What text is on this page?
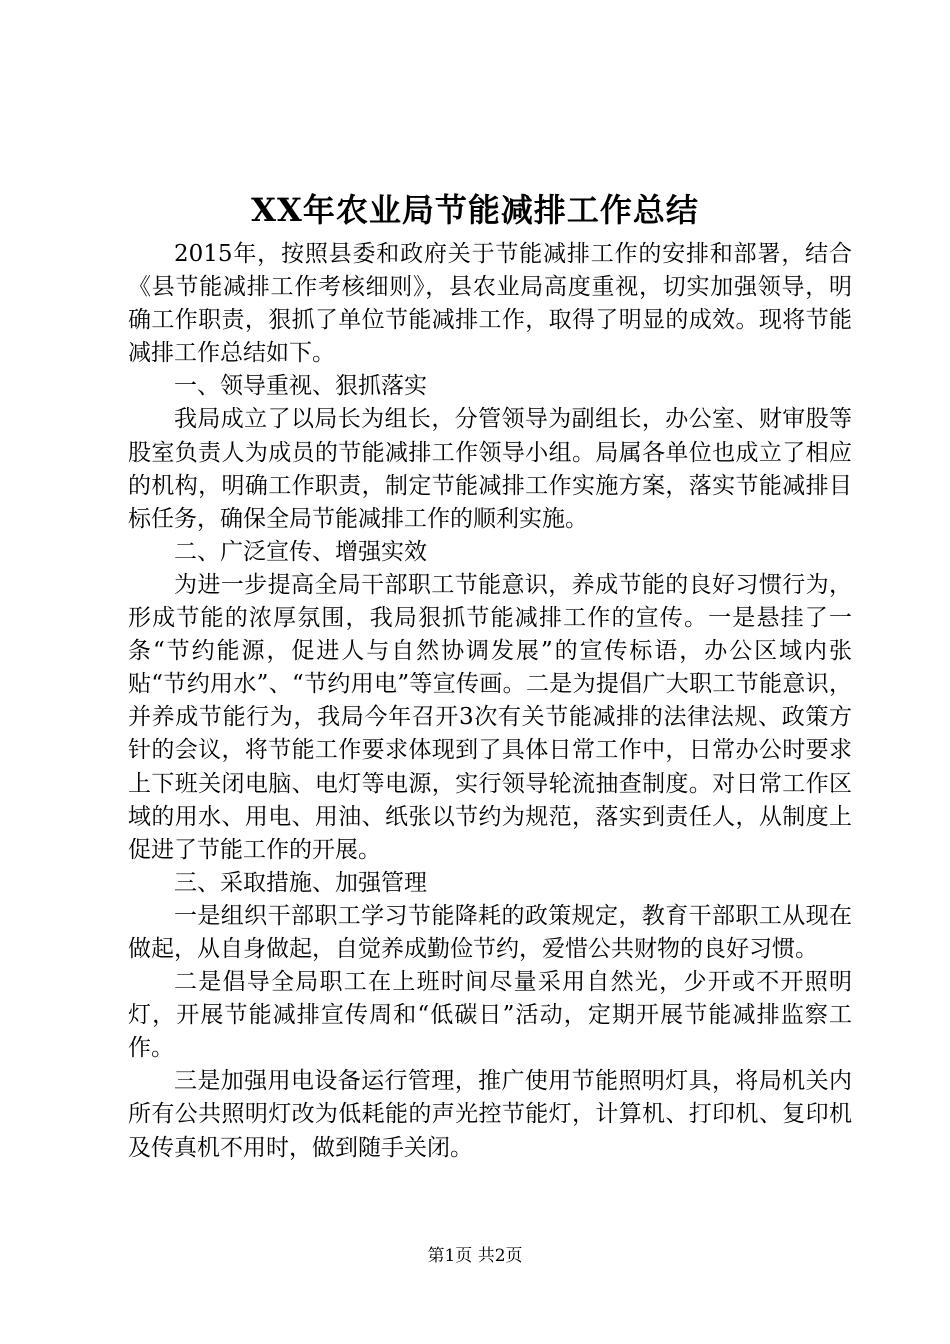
XX年农业局节能减排工作总结

2015年，按照县委和政府关于节能减排工作的安排和部署，结合《县节能减排工作考核细则》，县农业局高度重视，切实加强领导，明确工作职责，狠抓了单位节能减排工作，取得了明显的成效。现将节能减排工作总结如下。

一、领导重视、狠抓落实

我局成立了以局长为组长，分管领导为副组长，办公室、财审股等股室负责人为成员的节能减排工作领导小组。局属各单位也成立了相应的机构，明确工作职责，制定节能减排工作实施方案，落实节能减排目标任务，确保全局节能减排工作的顺利实施。

二、广泛宣传、增强实效

为进一步提高全局干部职工节能意识，养成节能的良好习惯行为，形成节能的浓厚氛围，我局狠抓节能减排工作的宣传。一是悬挂了一条“节约能源，促进人与自然协调发展”的宣传标语，办公区域内张贴“节约用水”、“节约用电”等宣传画。二是为提倡广大职工节能意识，并养成节能行为，我局今年召开3次有关节能减排的法律法规、政策方针的会议，将节能工作要求体现到了具体日常工作中，日常办公时要求上下班关闭电脑、电灯等电源，实行领导轮流抽查制度。对日常工作区域的用水、用电、用油、纸张以节约为规范，落实到责任人，从制度上促进了节能工作的开展。

三、采取措施、加强管理

一是组织干部职工学习节能降耗的政策规定，教育干部职工从现在做起，从自身做起，自觉养成勤俭节约，爱惜公共财物的良好习惯。

二是倡导全局职工在上班时间尽量采用自然光，少开或不开照明灯，开展节能减排宣传周和“低碳日”活动，定期开展节能减排监察工作。

三是加强用电设备运行管理，推广使用节能照明灯具，将局机关内所有公共照明灯改为低耗能的声光控节能灯，计算机、打印机、复印机及传真机不用时，做到随手关闭。

第1页 共2页
